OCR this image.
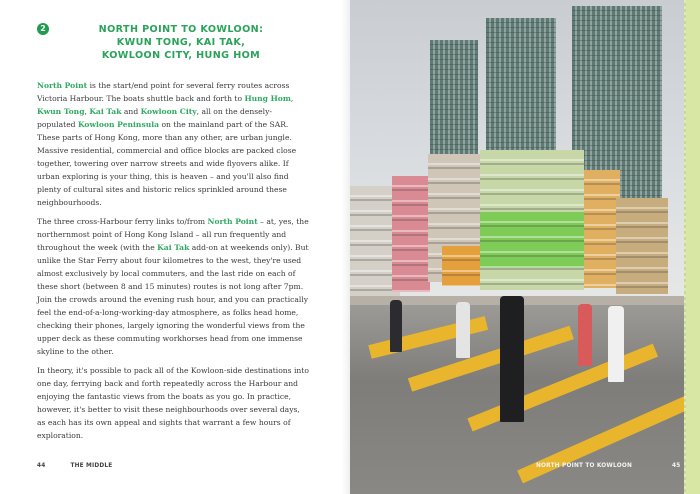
2	NORTH POINT TO KOWLOON:
KWUN TONG, KAI TAK,
KOWLOON CITY, HUNG HOM

North Point is the start/end point for several ferry routes across Victoria Harbour. The boats shuttle back and forth to Hung Hom, Kwun Tong, Kai Tak and Kowloon City, all on the densely-populated Kowloon Peninsula on the mainland part of the SAR. These parts of Hong Kong, more than any other, are urban jungle. Massive residential, commercial and office blocks are packed close together, towering over narrow streets and wide flyovers alike. If urban exploring is your thing, this is heaven – and you'll also find plenty of cultural sites and historic relics sprinkled around these neighbourhoods.

The three cross-Harbour ferry links to/from North Point – at, yes, the northernmost point of Hong Kong Island – all run frequently and throughout the week (with the Kai Tak add-on at weekends only). But unlike the Star Ferry about four kilometres to the west, they're used almost exclusively by local commuters, and the last ride on each of these short (between 8 and 15 minutes) routes is not long after 7pm. Join the crowds around the evening rush hour, and you can practically feel the end-of-a-long-working-day atmosphere, as folks head home, checking their phones, largely ignoring the wonderful views from the upper deck as these commuting workhorses head from one immense skyline to the other.

In theory, it's possible to pack all of the Kowloon-side destinations into one day, ferrying back and forth repeatedly across the Harbour and enjoying the fantastic views from the boats as you go. In practice, however, it's better to visit these neighbourhoods over several days, as each has its own appeal and sights that warrant a few hours of exploration.

44	THE MIDDLE	NORTH POINT TO KOWLOON	45
